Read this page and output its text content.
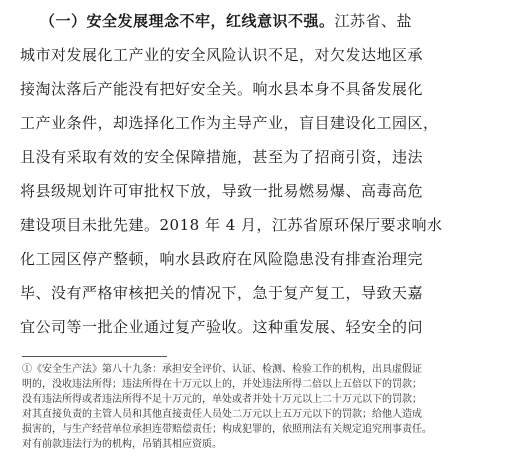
（一）安全发展理念不牢，红线意识不强。江苏省、盐
城市对发展化工产业的安全风险认识不足，对欠发达地区承
接淘汰落后产能没有把好安全关。响水县本身不具备发展化
工产业条件，却选择化工作为主导产业，盲目建设化工园区，
且没有采取有效的安全保障措施，甚至为了招商引资，违法
将县级规划许可审批权下放，导致一批易燃易爆、高毒高危
建设项目未批先建。2018 年 4 月，江苏省原环保厅要求响水
化工园区停产整顿，响水县政府在风险隐患没有排查治理完
毕、没有严格审核把关的情况下，急于复产复工，导致天嘉
宜公司等一批企业通过复产验收。这种重发展、轻安全的问
①《安全生产法》第八十九条：承担安全评价、认证、检测、检验工作的机构，出具虚假证
明的，没收违法所得；违法所得在十万元以上的，并处违法所得二倍以上五倍以下的罚款；
没有违法所得或者违法所得不足十万元的，单处或者并处十万元以上二十万元以下的罚款；
对其直接负责的主管人员和其他直接责任人员处二万元以上五万元以下的罚款；给他人造成
损害的，与生产经营单位承担连带赔偿责任；构成犯罪的，依照刑法有关规定追究刑事责任。
对有前款违法行为的机构，吊销其相应资质。
